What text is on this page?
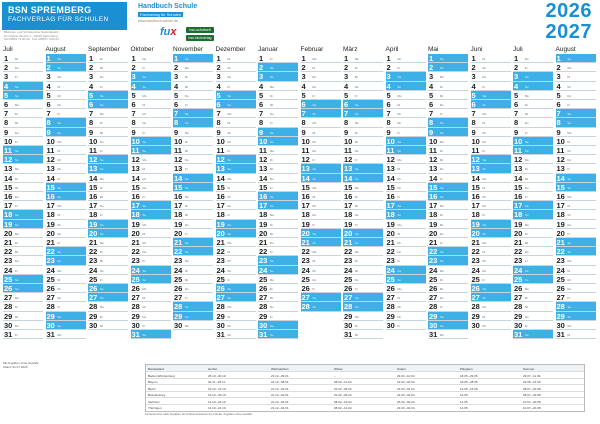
BSN SPREMBERG
FACHVERLAG FÜR SCHULEN
Bildungs- und Schulservice Niederlausitz
Am Kleinen Busch 1 · 03130 Spremberg
Tel 03563 / 9 00 00 · Fax 03563 / 9 00 01
Handbuch Schule
Fachverlag für Schulen
www.handbuch-schule.de
fux	bsn-schulwelt
bsn-fachverlag
2026
2027
Juli
1 Mi
2 Do
3 Fr
4 Sa
5 So
6 Mo
7 Di
8 Mi
9 Do
10 Fr
11 Sa
12 So
13 Mo
14 Di
15 Mi
16 Do
17 Fr
18 Sa
19 So
20 Mo
21 Di
22 Mi
23 Do
24 Fr
25 Sa
26 So
27 Mo
28 Di
29 Mi
30 Do
31 Fr
August
1 Sa
2 So
3 Mo
4 Di
5 Mi
6 Do
7 Fr
8 Sa
9 So
10 Mo
11 Di
12 Mi
13 Do
14 Fr
15 Sa
16 So
17 Mo
18 Di
19 Mi
20 Do
21 Fr
22 Sa
23 So
24 Mo
25 Di
26 Mi
27 Do
28 Fr
29 Sa
30 So
31 Mo
September
1 Di
2 Mi
3 Do
4 Fr
5 Sa
6 So
7 Mo
8 Di
9 Mi
10 Do
11 Fr
12 Sa
13 So
14 Mo
15 Di
16 Mi
17 Do
18 Fr
19 Sa
20 So
21 Mo
22 Di
23 Mi
24 Do
25 Fr
26 Sa
27 So
28 Mo
29 Di
30 Mi
Oktober
1 Do
2 Fr
3 Sa
4 So
5 Mo
6 Di
7 Mi
8 Do
9 Fr
10 Sa
11 So
12 Mo
13 Di
14 Mi
15 Do
16 Fr
17 Sa
18 So
19 Mo
20 Di
21 Mi
22 Do
23 Fr
24 Sa
25 So
26 Mo
27 Di
28 Mi
29 Do
30 Fr
31 Sa
November
1 So
2 Mo
3 Di
4 Mi
5 Do
6 Fr
7 Sa
8 So
9 Mo
10 Di
11 Mi
12 Do
13 Fr
14 Sa
15 So
16 Mo
17 Di
18 Mi
19 Do
20 Fr
21 Sa
22 So
23 Mo
24 Di
25 Mi
26 Do
27 Fr
28 Sa
29 So
30 Mo
Dezember
1 Di
2 Mi
3 Do
4 Fr
5 Sa
6 So
7 Mo
8 Di
9 Mi
10 Do
11 Fr
12 Sa
13 So
14 Mo
15 Di
16 Mi
17 Do
18 Fr
19 Sa
20 So
21 Mo
22 Di
23 Mi
24 Do
25 Fr
26 Sa
27 So
28 Mo
29 Di
30 Mi
31 Do
Januar
1 Fr
2 Sa
3 So
4 Mo
5 Di
6 Mi
7 Do
8 Fr
9 Sa
10 So
11 Mo
12 Di
13 Mi
14 Do
15 Fr
16 Sa
17 So
18 Mo
19 Di
20 Mi
21 Do
22 Fr
23 Sa
24 So
25 Mo
26 Di
27 Mi
28 Do
29 Fr
30 Sa
31 So
Februar
1 Mo
2 Di
3 Mi
4 Do
5 Fr
6 Sa
7 So
8 Mo
9 Di
10 Mi
11 Do
12 Fr
13 Sa
14 So
15 Mo
16 Di
17 Mi
18 Do
19 Fr
20 Sa
21 So
22 Mo
23 Di
24 Mi
25 Do
26 Fr
27 Sa
28 So
März
1 Mo
2 Di
3 Mi
4 Do
5 Fr
6 Sa
7 So
8 Mo
9 Di
10 Mi
11 Do
12 Fr
13 Sa
14 So
15 Mo
16 Di
17 Mi
18 Do
19 Fr
20 Sa
21 So
22 Mo
23 Di
24 Mi
25 Do
26 Fr
27 Sa
28 So
29 Mo
30 Di
31 Mi
April
1 Do
2 Fr
3 Sa
4 So
5 Mo
6 Di
7 Mi
8 Do
9 Fr
10 Sa
11 So
12 Mo
13 Di
14 Mi
15 Do
16 Fr
17 Sa
18 So
19 Mo
20 Di
21 Mi
22 Do
23 Fr
24 Sa
25 So
26 Mo
27 Di
28 Mi
29 Do
30 Fr
Mai
1 Sa
2 So
3 Mo
4 Di
5 Mi
6 Do
7 Fr
8 Sa
9 So
10 Mo
11 Di
12 Mi
13 Do
14 Fr
15 Sa
16 So
17 Mo
18 Di
19 Mi
20 Do
21 Fr
22 Sa
23 So
24 Mo
25 Di
26 Mi
27 Do
28 Fr
29 Sa
30 So
31 Mo
Juni
1 Di
2 Mi
3 Do
4 Fr
5 Sa
6 So
7 Mo
8 Di
9 Mi
10 Do
11 Fr
12 Sa
13 So
14 Mo
15 Di
16 Mi
17 Do
18 Fr
19 Sa
20 So
21 Mo
22 Di
23 Mi
24 Do
25 Fr
26 Sa
27 So
28 Mo
29 Di
30 Mi
Juli
1 Do
2 Fr
3 Sa
4 So
5 Mo
6 Di
7 Mi
8 Do
9 Fr
10 Sa
11 So
12 Mo
13 Di
14 Mi
15 Do
16 Fr
17 Sa
18 So
19 Mo
20 Di
21 Mi
22 Do
23 Fr
24 Sa
25 So
26 Mo
27 Di
28 Mi
29 Do
30 Fr
31 Sa
August
1 So
2 Mo
3 Di
4 Mi
5 Do
6 Fr
7 Sa
8 So
9 Mo
10 Di
11 Mi
12 Do
13 Fr
14 Sa
15 So
16 Mo
17 Di
18 Mi
19 Do
20 Fr
21 Sa
22 So
23 Mo
24 Di
25 Mi
26 Do
27 Fr
28 Sa
29 So
30 Mo
31 Di
Mit Angaben ohne Gewähr.
Stand: 01.07.2026	Bundesland	Herbst	Weihnachten	Winter	Ostern	Pfingsten	Sommer
Baden-Württemberg	26.10.–30.10.	23.12.–09.01.	–	29.03.–10.04.	18.05.–29.05.	29.07.–11.09.
Bayern	02.11.–06.11.	24.12.–08.01.	08.02.–12.02.	22.03.–02.04.	18.05.–28.05.	02.08.–13.09.
Berlin	19.10.–31.10.	21.12.–02.01.	01.02.–06.02.	22.03.–02.04.	14.05.–15.05.	08.07.–20.08.
Brandenburg	19.10.–30.10.	21.12.–02.01.	01.02.–06.02.	22.03.–02.04.	14.05.	08.07.–20.08.
Sachsen	12.10.–24.10.	21.12.–02.01.	08.02.–19.02.	26.03.–02.04.	14.05.	10.07.–20.08.
Thüringen	12.10.–24.10.	21.12.–02.01.	08.02.–12.02.	22.03.–02.04.	14.05.	10.07.–20.08.
Ferientermine nach Angaben der Kultusministerien der Länder. Angaben ohne Gewähr.
